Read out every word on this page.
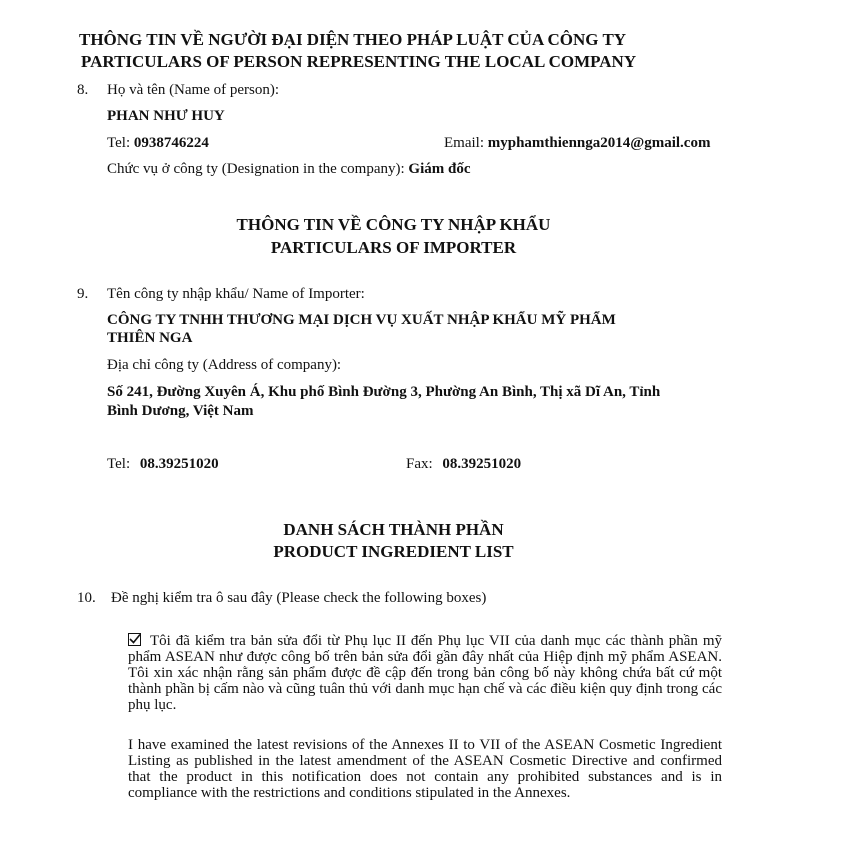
THÔNG TIN VỀ NGƯỜI ĐẠI DIỆN THEO PHÁP LUẬT CỦA CÔNG TY
PARTICULARS OF PERSON REPRESENTING THE LOCAL COMPANY
8. Họ và tên (Name of person):
PHAN NHƯ HUY
Tel: 0938746224	Email: myphamthiennga2014@gmail.com
Chức vụ ở công ty (Designation in the company): Giám đốc
THÔNG TIN VỀ CÔNG TY NHẬP KHẨU
PARTICULARS OF IMPORTER
9. Tên công ty nhập khẩu/ Name of Importer:
CÔNG TY TNHH THƯƠNG MẠI DỊCH VỤ XUẤT NHẬP KHẨU MỸ PHẨM
THIÊN NGA
Địa chỉ công ty (Address of company):
Số 241, Đường Xuyên Á, Khu phố Bình Đường 3, Phường An Bình, Thị xã Dĩ An, Tỉnh
Bình Dương, Việt Nam
Tel: 08.39251020	Fax: 08.39251020
DANH SÁCH THÀNH PHẦN
PRODUCT INGREDIENT LIST
10. Đề nghị kiểm tra ô sau đây (Please check the following boxes)
Tôi đã kiểm tra bản sửa đổi từ Phụ lục II đến Phụ lục VII của danh mục các thành phần mỹ phẩm ASEAN như được công bố trên bản sửa đổi gần đây nhất của Hiệp định mỹ phẩm ASEAN. Tôi xin xác nhận rằng sản phẩm được đề cập đến trong bản công bố này không chứa bất cứ một thành phần bị cấm nào và cũng tuân thủ với danh mục hạn chế và các điều kiện quy định trong các phụ lục.
I have examined the latest revisions of the Annexes II to VII of the ASEAN Cosmetic Ingredient Listing as published in the latest amendment of the ASEAN Cosmetic Directive and confirmed that the product in this notification does not contain any prohibited substances and is in compliance with the restrictions and conditions stipulated in the Annexes.
